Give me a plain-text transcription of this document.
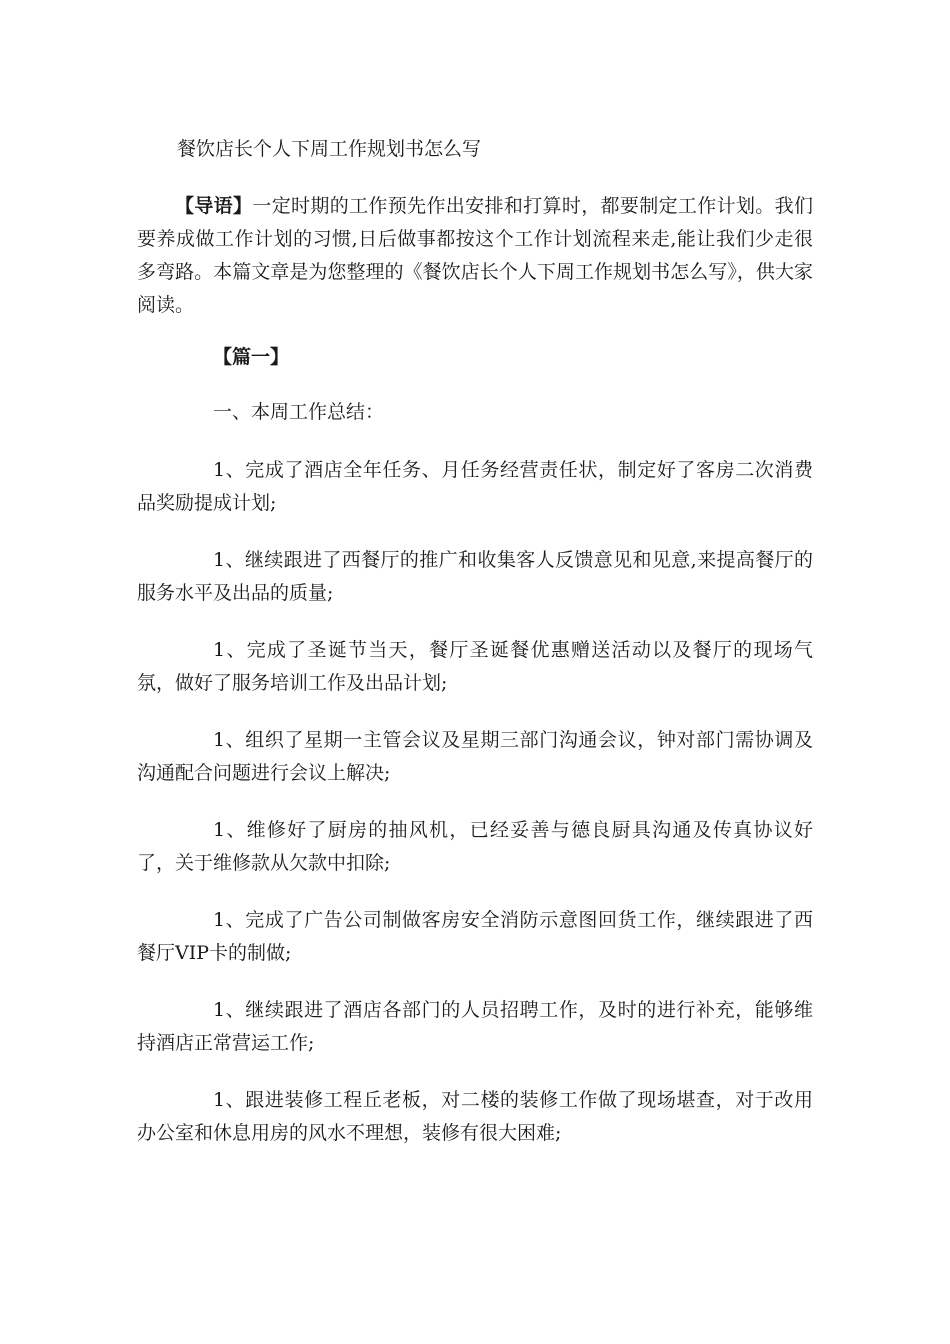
餐饮店长个人下周工作规划书怎么写

【导语】一定时期的工作预先作出安排和打算时，都要制定工作计划。我们要养成做工作计划的习惯,日后做事都按这个工作计划流程来走,能让我们少走很多弯路。本篇文章是为您整理的《餐饮店长个人下周工作规划书怎么写》，供大家阅读。

【篇一】
一、本周工作总结：

1、完成了酒店全年任务、月任务经营责任状，制定好了客房二次消费品奖励提成计划;

1、继续跟进了西餐厅的推广和收集客人反馈意见和见意,来提高餐厅的服务水平及出品的质量;

1、完成了圣诞节当天，餐厅圣诞餐优惠赠送活动以及餐厅的现场气氛，做好了服务培训工作及出品计划;

1、组织了星期一主管会议及星期三部门沟通会议，钟对部门需协调及沟通配合问题进行会议上解决;

1、维修好了厨房的抽风机，已经妥善与德良厨具沟通及传真协议好了，关于维修款从欠款中扣除;

1、完成了广告公司制做客房安全消防示意图回货工作，继续跟进了西餐厅VIP卡的制做;

1、继续跟进了酒店各部门的人员招聘工作，及时的进行补充，能够维持酒店正常营运工作;

1、跟进装修工程丘老板，对二楼的装修工作做了现场堪查，对于改用办公室和休息用房的风水不理想，装修有很大困难;
